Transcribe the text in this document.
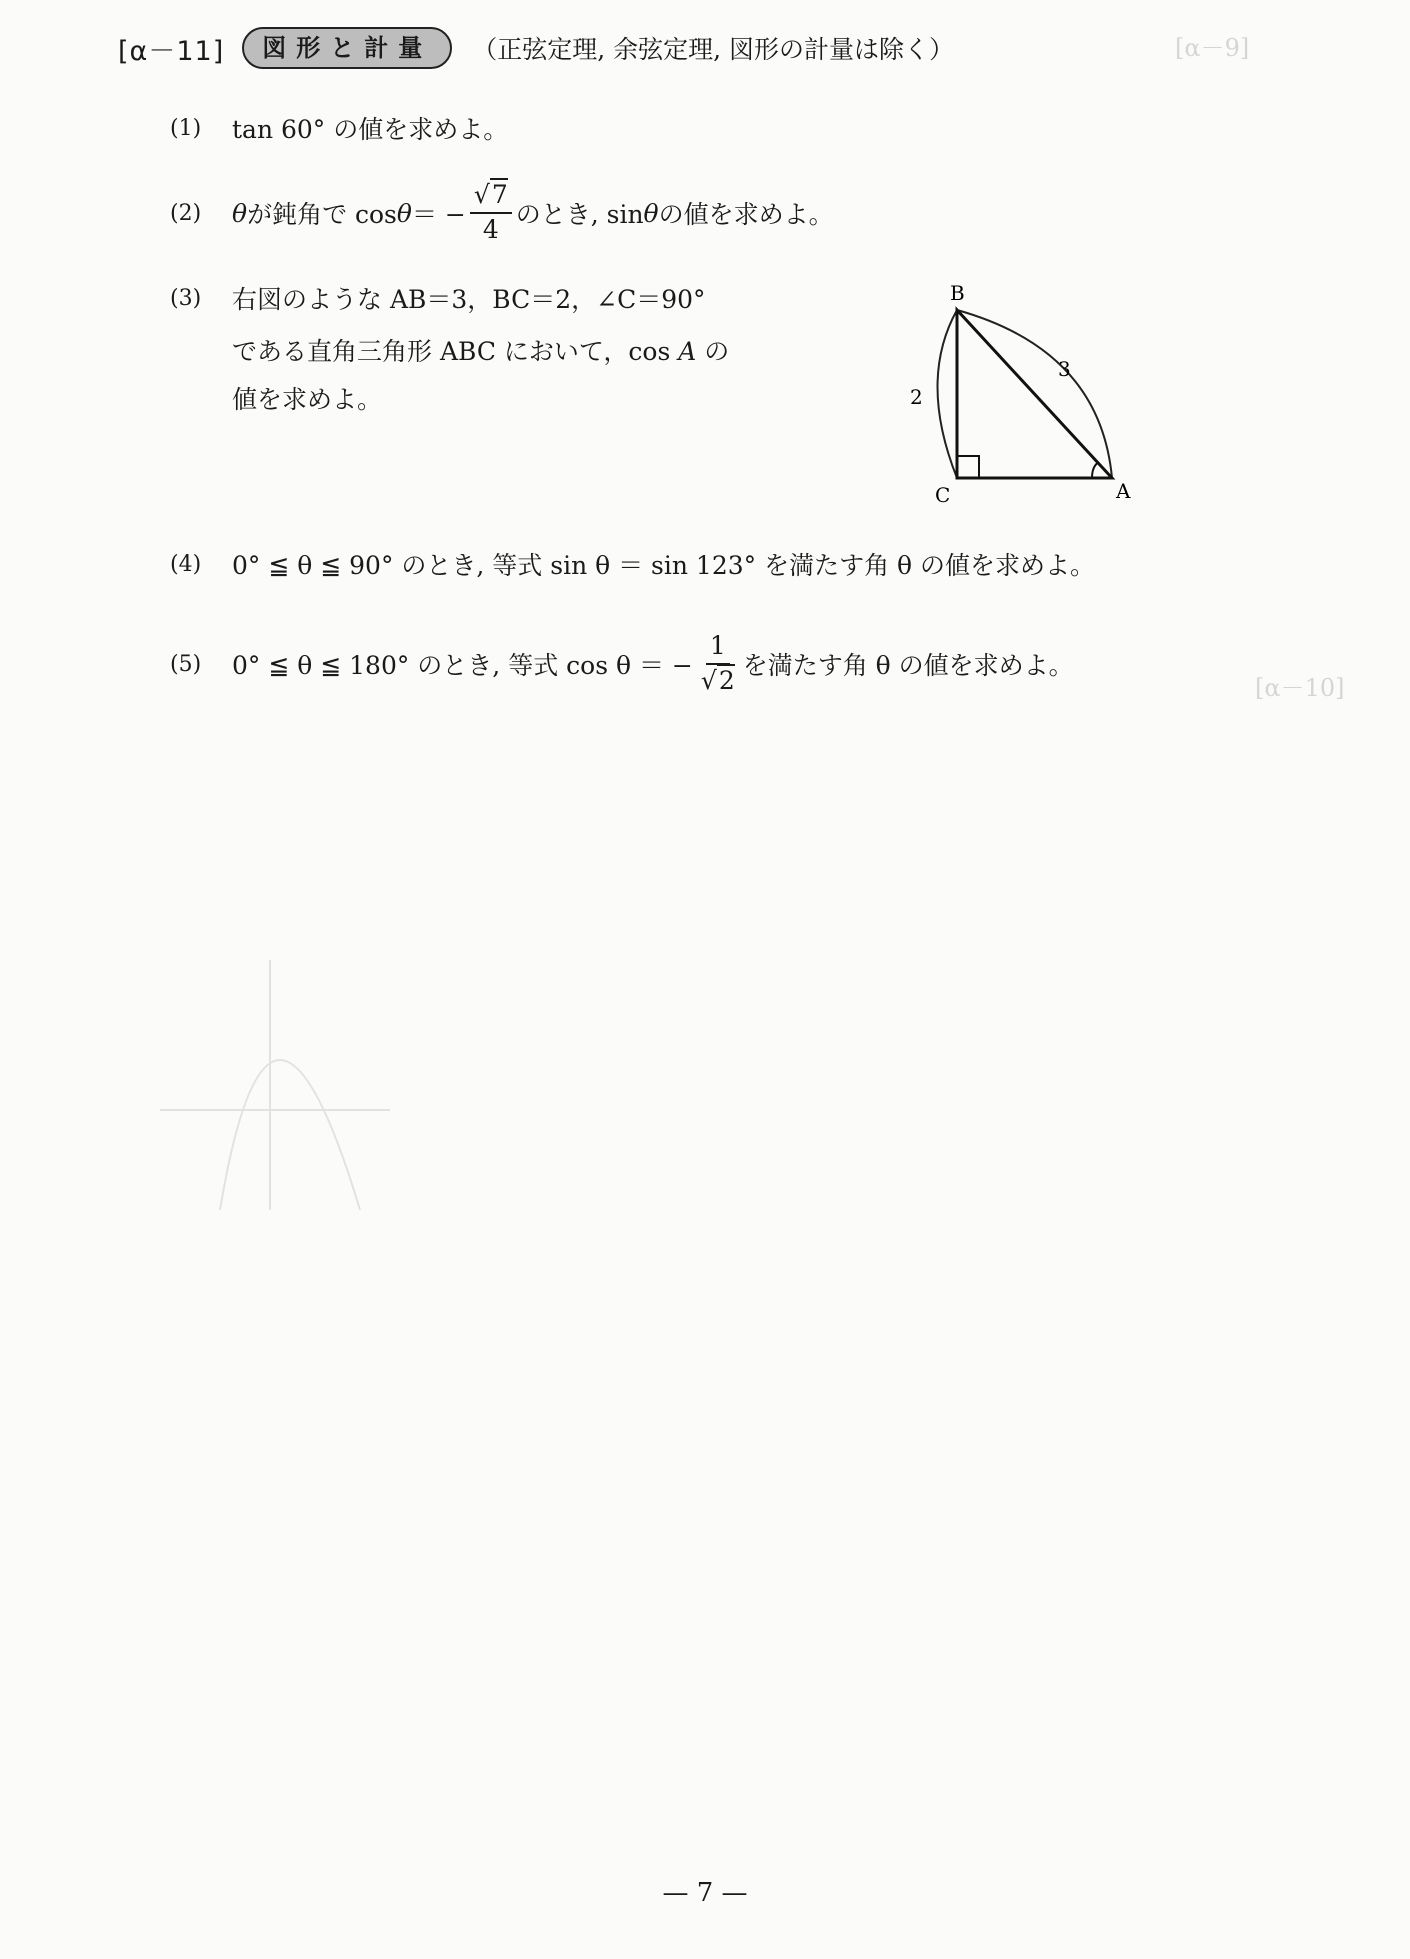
[α－9]
[α－10]
[α－11]	図形と計量	（正弦定理, 余弦定理, 図形の計量は除く）
(1)	tan 60° の値を求めよ。
(2)	θ が鈍角で cos θ ＝ − $\frac{√7}{4}$ のとき, sin θ の値を求めよ。
(3)	右図のような AB＝3，BC＝2，∠C＝90°
である直角三角形 ABC において，cos A の
値を求めよ。
B
C	A
2
3
(4)	0° ≦ θ ≦ 90° のとき, 等式 sin θ ＝ sin 123° を満たす角 θ の値を求めよ。
(5)	0° ≦ θ ≦ 180° のとき, 等式 cos θ ＝ − $\frac{1}{√2}$ を満たす角 θ の値を求めよ。
— 7 —
